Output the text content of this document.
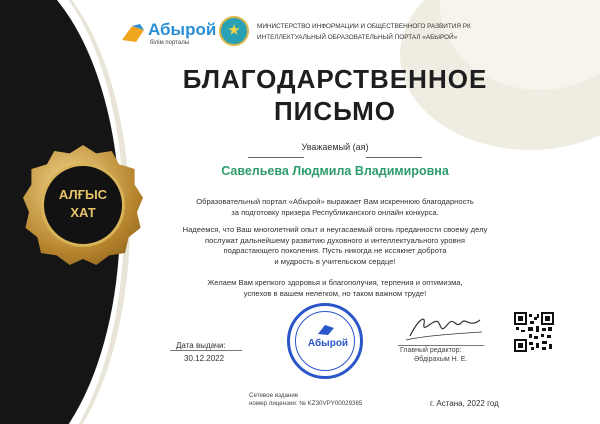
Абырой
білім порталы
МИНИСТЕРСТВО ИНФОРМАЦИИ И ОБЩЕСТВЕННОГО РАЗВИТИЯ РК
ИНТЕЛЛЕКТУАЛЬНЫЙ ОБРАЗОВАТЕЛЬНЫЙ ПОРТАЛ «АБЫРОЙ»
БЛАГОДАРСТВЕННОЕ
ПИСЬМО
Уважаемый (ая)
Савельева Людмила Владимировна
Образовательный портал «Абырой» выражает Вам искреннюю благодарность
за подготовку призера Республиканского онлайн конкурса.
Надеемся, что Ваш многолетний опыт и неугасаемый огонь преданности своему делу
послужат дальнейшему развитию духовного и интеллектуального уровня
подрастающего поколения. Пусть никогда не иссякнет доброта
и мудрость в учительском сердце!
Желаем Вам крепкого здоровья и благополучия, терпения и оптимизма,
успехов в вашем нелегком, но таком важном труде!
АЛҒЫС
ХАТ
Дата выдачи:
30.12.2022
Абырой
Главный редактор:
Әбдірахым Н. Е.
Сетевое издание
номер лицензии: № KZ30VPY00029365	г. Астана, 2022 год
